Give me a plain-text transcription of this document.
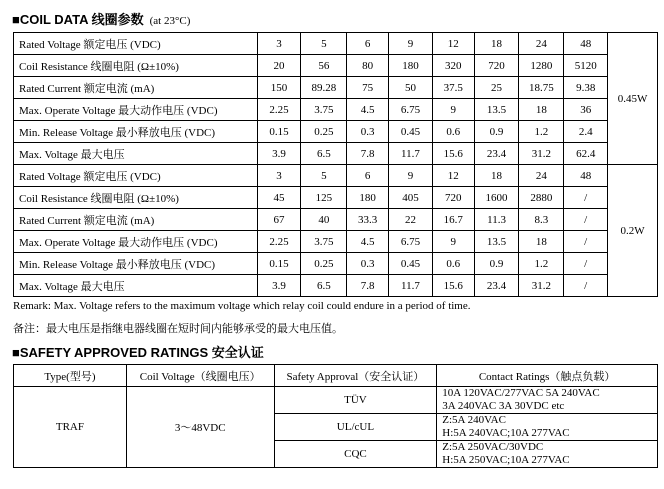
■COIL DATA 线圈参数 (at 23°C)
Rated Voltage 额定电压 (VDC)	3	5	6	9	12	18	24	48	0.45W
Coil Resistance 线圈电阻 (Ω±10%)	20	56	80	180	320	720	1280	5120	
Rated Current 额定电流 (mA)	150	89.28	75	50	37.5	25	18.75	9.38	
Max. Operate Voltage 最大动作电压 (VDC)	2.25	3.75	4.5	6.75	9	13.5	18	36	
Min. Release Voltage 最小释放电压 (VDC)	0.15	0.25	0.3	0.45	0.6	0.9	1.2	2.4	
Max. Voltage 最大电压	3.9	6.5	7.8	11.7	15.6	23.4	31.2	62.4	
Rated Voltage 额定电压 (VDC)	3	5	6	9	12	18	24	48	0.2W
Coil Resistance 线圈电阻 (Ω±10%)	45	125	180	405	720	1600	2880	/	
Rated Current 额定电流 (mA)	67	40	33.3	22	16.7	11.3	8.3	/	
Max. Operate Voltage 最大动作电压 (VDC)	2.25	3.75	4.5	6.75	9	13.5	18	/	
Min. Release Voltage 最小释放电压 (VDC)	0.15	0.25	0.3	0.45	0.6	0.9	1.2	/	
Max. Voltage 最大电压	3.9	6.5	7.8	11.7	15.6	23.4	31.2	/	
Remark: Max. Voltage refers to the maximum voltage which relay coil could endure in a period of time.
备注：最大电压是指继电器线圈在短时间内能够承受的最大电压值。
■SAFETY APPROVED RATINGS 安全认证
Type(型号)	Coil Voltage（线圈电压）	Safety Approval（安全认证）	Contact Ratings（触点负载）
TRAF	3～48VDC	TÜV	10A 120VAC/277VAC 5A 240VAC
3A 240VAC 3A 30VDC etc

		UL/cUL	Z:5A 240VAC
H:5A 240VAC;10A 277VAC

		CQC	Z:5A 250VAC/30VDC
H:5A 250VAC;10A 277VAC
